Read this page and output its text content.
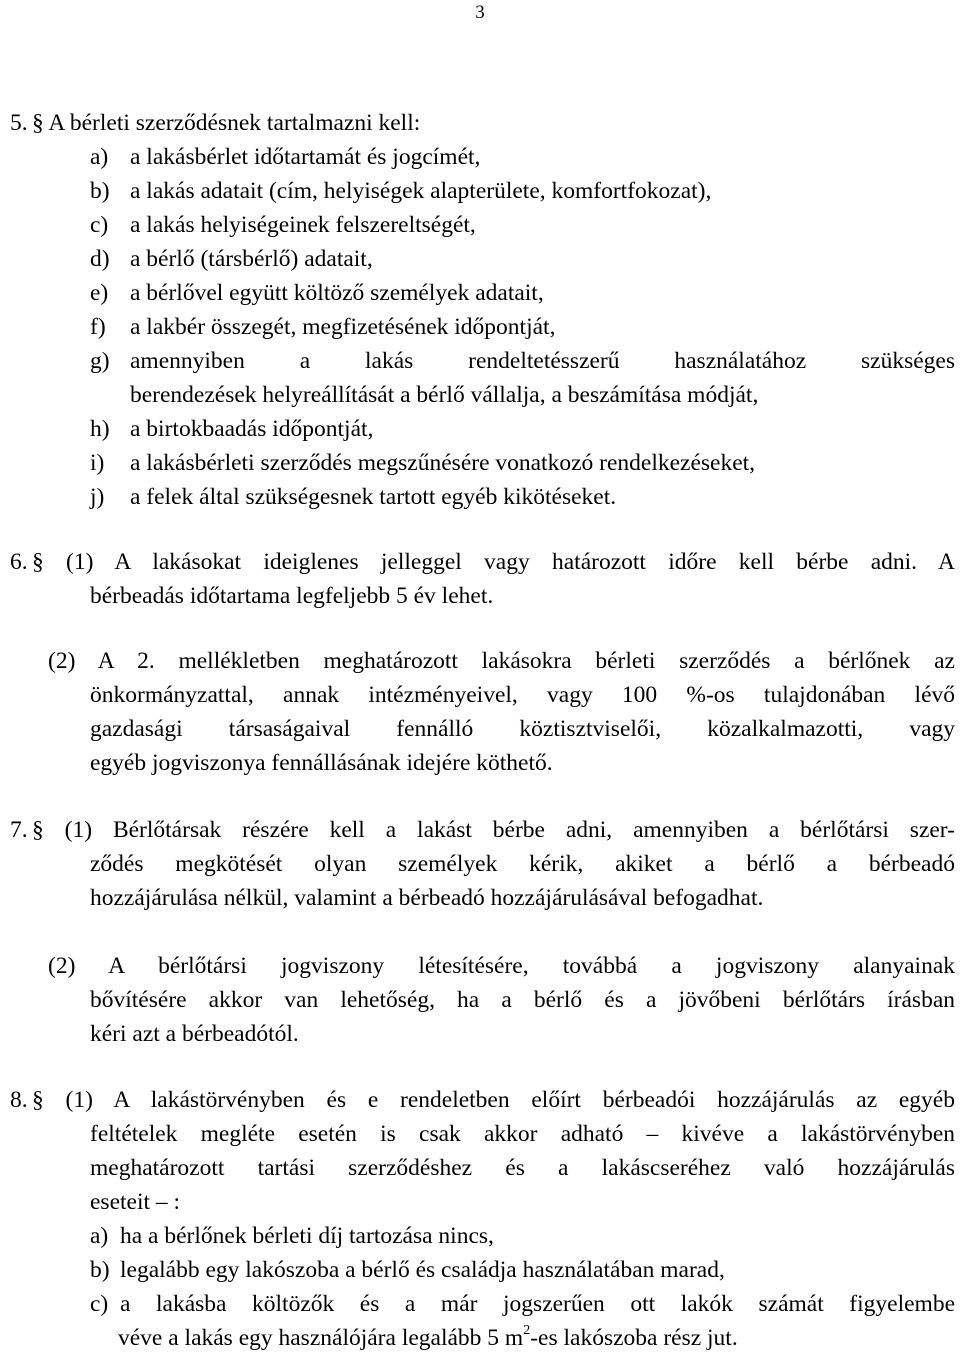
3
5. § A bérleti szerződésnek tartalmazni kell:
a) a lakásbérlet időtartamát és jogcímét,
b) a lakás adatait (cím, helyiségek alapterülete, komfortfokozat),
c) a lakás helyiségeinek felszereltségét,
d) a bérlő (társbérlő) adatait,
e) a bérlővel együtt költöző személyek adatait,
f) a lakbér összegét, megfizetésének időpontját,
g) amennyiben a lakás rendeltetésszerű használatához szükséges
berendezések helyreállítását a bérlő vállalja, a beszámítása módját,
h) a birtokbaadás időpontját,
i) a lakásbérleti szerződés megszűnésére vonatkozó rendelkezéseket,
j) a felek által szükségesnek tartott egyéb kikötéseket.
6. § (1) A lakásokat ideiglenes jelleggel vagy határozott időre kell bérbe adni. A
bérbeadás időtartama legfeljebb 5 év lehet.
(2) A 2. mellékletben meghatározott lakásokra bérleti szerződés a bérlőnek az
önkormányzattal, annak intézményeivel, vagy 100 %-os tulajdonában lévő
gazdasági társaságaival fennálló köztisztviselői, közalkalmazotti, vagy
egyéb jogviszonya fennállásának idejére köthető.
7. § (1) Bérlőtársak részére kell a lakást bérbe adni, amennyiben a bérlőtársi szer-
ződés megkötését olyan személyek kérik, akiket a bérlő a bérbeadó
hozzájárulása nélkül, valamint a bérbeadó hozzájárulásával befogadhat.
(2) A bérlőtársi jogviszony létesítésére, továbbá a jogviszony alanyainak
bővítésére akkor van lehetőség, ha a bérlő és a jövőbeni bérlőtárs írásban
kéri azt a bérbeadótól.
8. § (1) A lakástörvényben és e rendeletben előírt bérbeadói hozzájárulás az egyéb
feltételek megléte esetén is csak akkor adható – kivéve a lakástörvényben
meghatározott tartási szerződéshez és a lakáscseréhez való hozzájárulás
eseteit – :
a) ha a bérlőnek bérleti díj tartozása nincs,
b) legalább egy lakószoba a bérlő és családja használatában marad,
c) a lakásba költözők és a már jogszerűen ott lakók számát figyelembe
véve a lakás egy használójára legalább 5 $m^2-es$ lakószoba rész jut.
